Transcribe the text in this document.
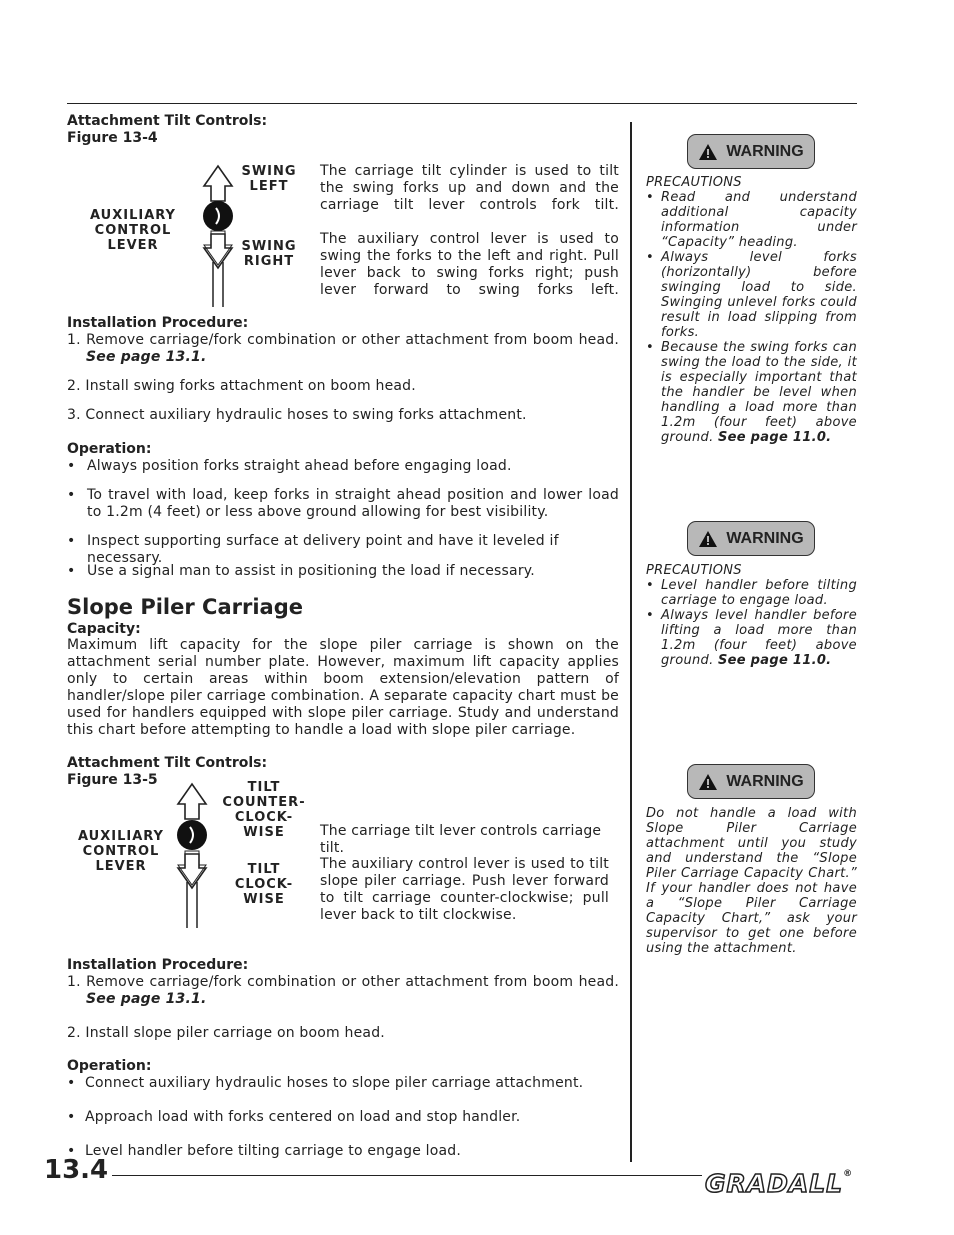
Attachment Tilt Controls:
Figure 13-4
SWING
LEFT
SWING
RIGHT
AUXILIARY
CONTROL LEVER
The carriage tilt cylinder is used to tilt the swing forks up and down and the carriage tilt lever controls fork tilt.
The auxiliary control lever is used to swing the forks to the left and right. Pull lever back to swing forks right; push lever forward to swing forks left.
Installation Procedure:
1. Remove carriage/fork combination or other attachment from boom head.
See page 13.1.
2. Install swing forks attachment on boom head.
3. Connect auxiliary hydraulic hoses to swing forks attachment.
Operation:
• Always position forks straight ahead before engaging load.
• To travel with load, keep forks in straight ahead position and lower load to 1.2m (4 feet) or less above ground allowing for best visibility.
• Inspect supporting surface at delivery point and have it leveled if necessary.
• Use a signal man to assist in positioning the load if necessary.
Slope Piler Carriage
Capacity:
Maximum lift capacity for the slope piler carriage is shown on the attachment serial number plate. However, maximum lift capacity applies only to certain areas within boom extension/elevation pattern of handler/slope piler carriage combination. A separate capacity chart must be used for handlers equipped with slope piler carriage. Study and understand this chart before attempting to handle a load with slope piler carriage.
Attachment Tilt Controls:
Figure 13-5	TILT
COUNTER-
CLOCK-
WISE
TILT
CLOCK-
WISE
AUXILIARY
CONTROL
LEVER
The carriage tilt lever controls carriage tilt.
The auxiliary control lever is used to tilt slope piler carriage. Push lever forward to tilt carriage counter-clockwise; pull lever back to tilt clockwise.
Installation Procedure:
1. Remove carriage/fork combination or other attachment from boom head.
See page 13.1.
2. Install slope piler carriage on boom head.
Operation:
• Connect auxiliary hydraulic hoses to slope piler carriage attachment.
• Approach load with forks centered on load and stop handler.
• Level handler before tilting carriage to engage load.
WARNING
PRECAUTIONS
• Read and understand additional capacity information under “Capacity” heading.
• Always level forks (horizontally) before swinging load to side. Swinging unlevel forks could result in load slipping from forks.
• Because the swing forks can swing the load to the side, it is especially important that the handler be level when handling a load more than 1.2m (four feet) above ground. See page 11.0.
WARNING
PRECAUTIONS
• Level handler before tilting carriage to engage load.
• Always level handler before lifting a load more than 1.2m (four feet) above ground. See page 11.0.
WARNING
Do not handle a load with Slope Piler Carriage attachment until you study and understand the “Slope Piler Carriage Capacity Chart.” If your handler does not have a “Slope Piler Carriage Capacity Chart,” ask your supervisor to get one before using the attachment.
13.4	GRADALL®
